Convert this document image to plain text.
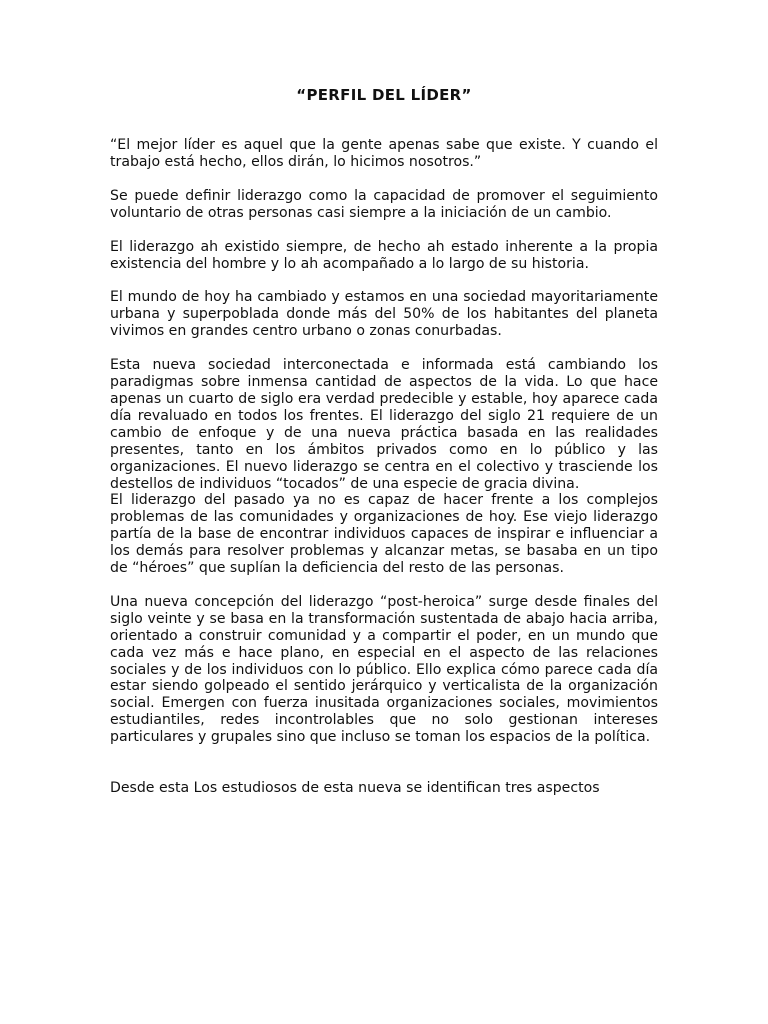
“PERFIL DEL LÍDER”

“El mejor líder es aquel que la gente apenas sabe que existe. Y cuando el trabajo está hecho, ellos dirán, lo hicimos nosotros.”

Se puede definir liderazgo como la capacidad de promover el seguimiento voluntario de otras personas casi siempre a la iniciación de un cambio.

El liderazgo ah existido siempre, de hecho ah estado inherente a la propia existencia del hombre y lo ah acompañado a lo largo de su historia.

El mundo de hoy ha cambiado y estamos en una sociedad mayoritariamente urbana y superpoblada donde más del 50% de los habitantes del planeta vivimos en grandes centro urbano o zonas conurbadas.

Esta nueva sociedad interconectada e informada está cambiando los paradigmas sobre inmensa cantidad de aspectos de la vida. Lo que hace apenas un cuarto de siglo era verdad predecible y estable, hoy aparece cada día revaluado en todos los frentes. El liderazgo del siglo 21 requiere de un cambio de enfoque y de una nueva práctica basada en las realidades presentes, tanto en los ámbitos privados como en lo público y las organizaciones. El nuevo liderazgo se centra en el colectivo y trasciende los destellos de individuos “tocados” de una especie de gracia divina.

El liderazgo del pasado ya no es capaz de hacer frente a los complejos problemas de las comunidades y organizaciones de hoy. Ese viejo liderazgo partía de la base de encontrar individuos capaces de inspirar e influenciar a los demás para resolver problemas y alcanzar metas, se basaba en un tipo de “héroes” que suplían la deficiencia del resto de las personas.

Una nueva concepción del liderazgo “post-heroica” surge desde finales del siglo veinte y se basa en la transformación sustentada de abajo hacia arriba, orientado a construir comunidad y a compartir el poder, en un mundo que cada vez más e hace plano, en especial en el aspecto de las relaciones sociales y de los individuos con lo público. Ello explica cómo parece cada día estar siendo golpeado el sentido jerárquico y verticalista de la organización social. Emergen con fuerza inusitada organizaciones sociales, movimientos estudiantiles, redes incontrolables que no solo gestionan intereses particulares y grupales sino que incluso se toman los espacios de la política.

Desde esta Los estudiosos de esta nueva se identifican tres aspectos
